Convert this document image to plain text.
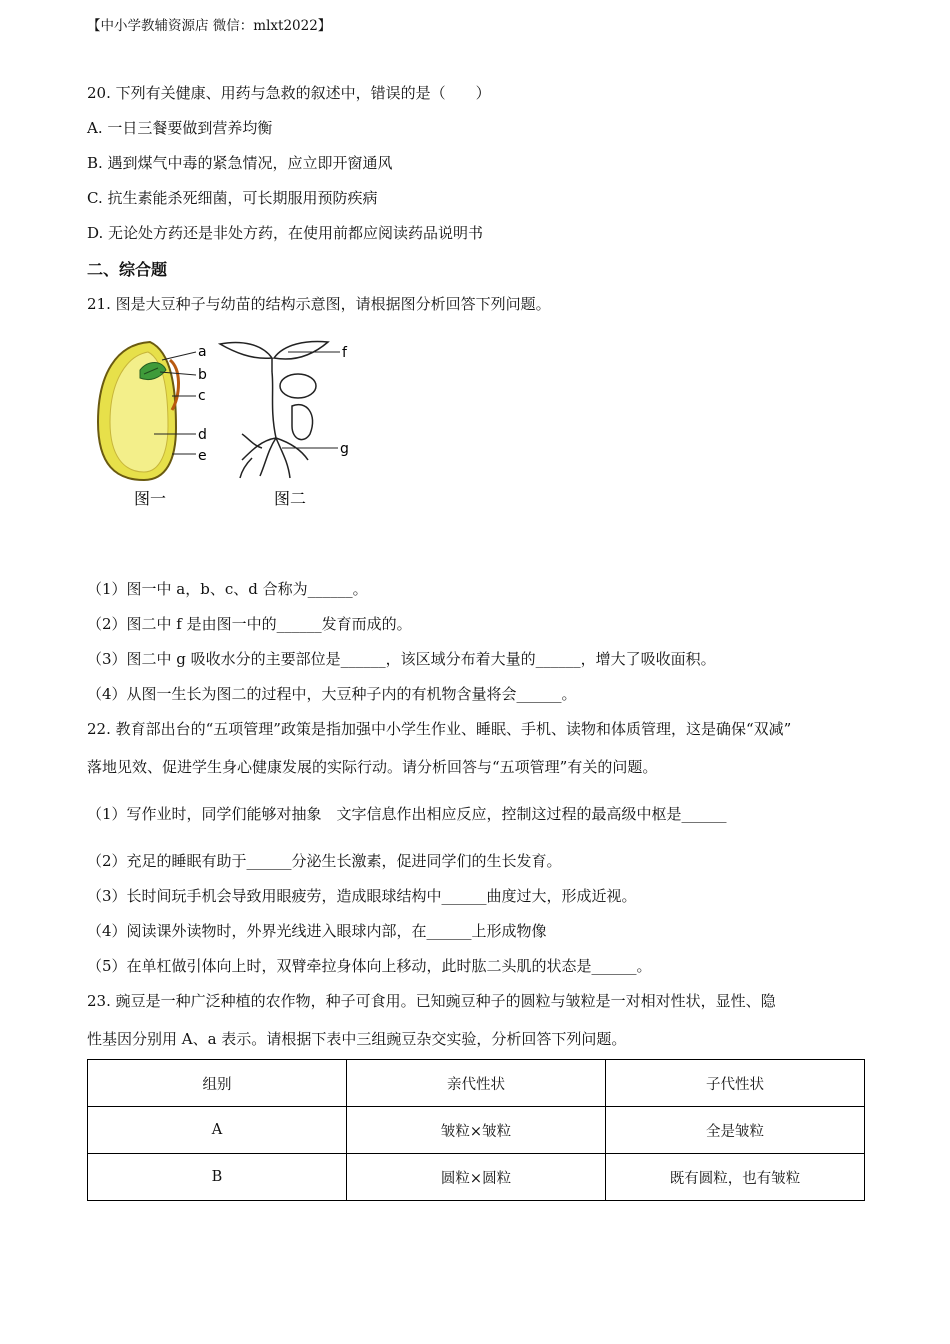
【中小学教辅资源店 微信：mlxt2022】
20. 下列有关健康、用药与急救的叙述中，错误的是（　　）
A. 一日三餐要做到营养均衡
B. 遇到煤气中毒的紧急情况，应立即开窗通风
C. 抗生素能杀死细菌，可长期服用预防疾病
D. 无论处方药还是非处方药，在使用前都应阅读药品说明书
二、综合题
21. 图是大豆种子与幼苗的结构示意图，请根据图分析回答下列问题。
a
b
c
d
e
图一
f
g
图二
（1）图一中 a，b、c、d 合称为______。
（2）图二中 f 是由图一中的______发育而成的。
（3）图二中 g 吸收水分的主要部位是______，该区域分布着大量的______，增大了吸收面积。
（4）从图一生长为图二的过程中，大豆种子内的有机物含量将会______。
22. 教育部出台的“五项管理”政策是指加强中小学生作业、睡眠、手机、读物和体质管理，这是确保“双减”
落地见效、促进学生身心健康发展的实际行动。请分析回答与“五项管理”有关的问题。
（1）写作业时，同学们能够对抽象　文字信息作出相应反应，控制这过程的最高级中枢是______
（2）充足的睡眠有助于______分泌生长激素，促进同学们的生长发育。
（3）长时间玩手机会导致用眼疲劳，造成眼球结构中______曲度过大，形成近视。
（4）阅读课外读物时，外界光线进入眼球内部，在______上形成物像
（5）在单杠做引体向上时，双臂牵拉身体向上移动，此时肱二头肌的状态是______。
23. 豌豆是一种广泛种植的农作物，种子可食用。已知豌豆种子的圆粒与皱粒是一对相对性状，显性、隐
性基因分别用 A、a 表示。请根据下表中三组豌豆杂交实验，分析回答下列问题。
组别	亲代性状	子代性状
A	皱粒×皱粒	全是皱粒
B	圆粒×圆粒	既有圆粒，也有皱粒
